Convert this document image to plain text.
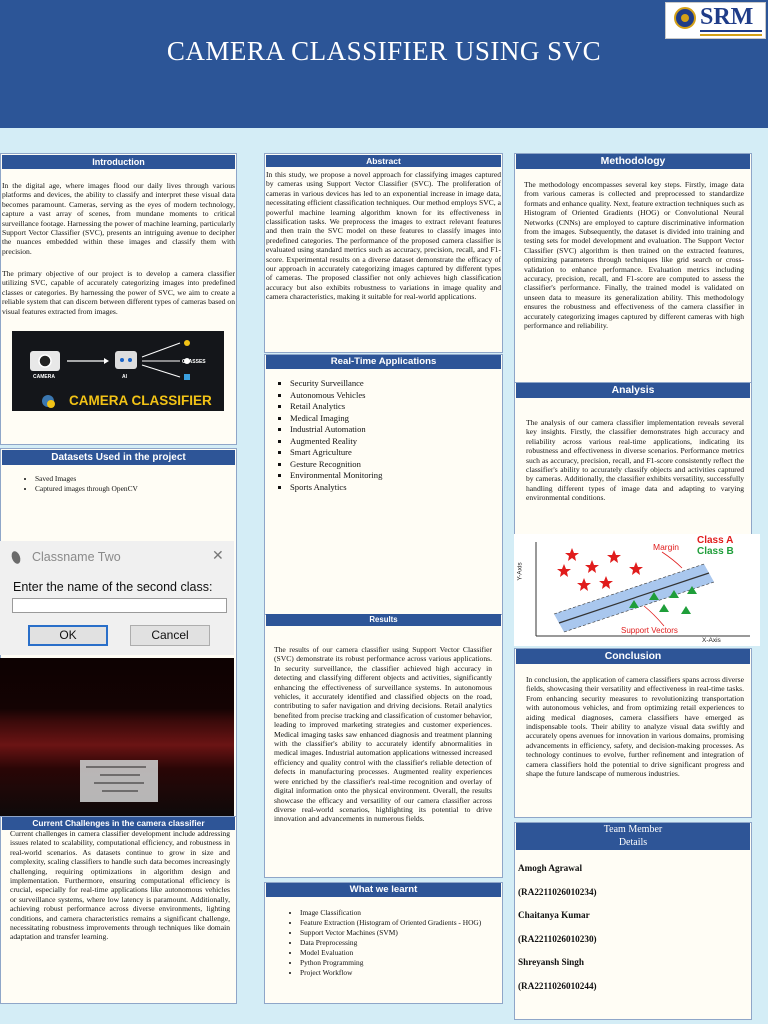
CAMERA CLASSIFIER USING SVC
SRM
Introduction

In the digital age, where images flood our daily lives through various platforms and devices, the ability to classify and interpret these visual data becomes paramount. Cameras, serving as the eyes of modern technology, capture a vast array of scenes, from mundane moments to critical surveillance footage. Harnessing the power of machine learning, particularly Support Vector Classifier (SVC), presents an intriguing avenue to decipher the nuances embedded within these images and classify them with precision.

The primary objective of our project is to develop a camera classifier utilizing SVC, capable of accurately categorizing images into predefined classes or categories. By harnessing the power of SVC, we aim to create a reliable system that can discern between different types of cameras based on visual features extracted from images.

CAMERA	AI
CLASSES
CAMERA CLASSIFIER
Datasets Used in the project
• Saved Images
• Captured images through OpenCV
Classname Two	✕
Enter the name of the second class:
OK	Cancel
Current Challenges in the camera classifier

Current challenges in camera classifier development include addressing issues related to scalability, computational efficiency, and robustness in real-world scenarios. As datasets continue to grow in size and complexity, scaling classifiers to handle such data becomes increasingly challenging, requiring optimizations in algorithm design and implementation. Furthermore, ensuring computational efficiency is crucial, especially for real-time applications like autonomous vehicles or surveillance systems, where low latency is paramount. Additionally, achieving robust performance across diverse environments, lighting conditions, and camera characteristics remains a significant challenge, necessitating robustness improvements through techniques like domain adaptation and transfer learning.

Abstract

In this study, we propose a novel approach for classifying images captured by cameras using Support Vector Classifier (SVC). The proliferation of cameras in various devices has led to an exponential increase in image data, necessitating efficient classification techniques. Our method employs SVC, a powerful machine learning algorithm known for its effectiveness in classification tasks. We preprocess the images to extract relevant features and then train the SVC model on these features to classify images into predefined categories. The performance of the proposed camera classifier is evaluated using standard metrics such as accuracy, precision, recall, and F1-score. Experimental results on a diverse dataset demonstrate the efficacy of our approach in accurately categorizing images captured by different types of cameras. The proposed classifier not only achieves high classification accuracy but also exhibits robustness to variations in image quality and camera characteristics, making it suitable for real-world applications.

Real-Time Applications
▪ Security Surveillance
▪ Autonomous Vehicles
▪ Retail Analytics
▪ Medical Imaging
▪ Industrial Automation
▪ Augmented Reality
▪ Smart Agriculture
▪ Gesture Recognition
▪ Environmental Monitoring
▪ Sports Analytics
Results

The results of our camera classifier using Support Vector Classifier (SVC) demonstrate its robust performance across various applications. In security surveillance, the classifier achieved high accuracy in detecting and classifying different objects and activities, significantly enhancing the effectiveness of surveillance systems. In autonomous vehicles, it accurately identified and classified objects on the road, contributing to safer navigation and driving decisions. Retail analytics benefited from precise tracking and classification of customer behavior, leading to improved marketing strategies and customer experiences. Medical imaging tasks saw enhanced diagnosis and treatment planning with the classifier's ability to accurately identify abnormalities in medical images. Industrial automation applications witnessed increased efficiency and quality control with the classifier's reliable detection of defects in manufacturing processes. Augmented reality experiences were enriched by the classifier's real-time recognition and overlay of digital information onto the physical environment. Overall, the results showcase the efficacy and versatility of our camera classifier across diverse real-world scenarios, highlighting its potential to drive innovation and advancements in numerous fields.

What we learnt
• Image Classification
• Feature Extraction (Histogram of Oriented Gradients - HOG)
• Support Vector Machines (SVM)
• Data Preprocessing
• Model Evaluation
• Python Programming
• Project Workflow
Methodology

The methodology encompasses several key steps. Firstly, image data from various cameras is collected and preprocessed to standardize formats and enhance quality. Next, feature extraction techniques such as Histogram of Oriented Gradients (HOG) or Convolutional Neural Networks (CNNs) are employed to capture discriminative information from the images. Subsequently, the dataset is divided into training and testing sets for model development and evaluation. The Support Vector Classifier (SVC) algorithm is then trained on the extracted features, optimizing parameters through techniques like grid search or cross-validation to enhance performance. Evaluation metrics including accuracy, precision, recall, and F1-score are computed to assess the classifier's performance. Finally, the trained model is validated on unseen data to measure its generalization ability. This methodology ensures the robustness and effectiveness of the camera classifier in accurately categorizing images captured by different cameras with high performance and reliability.

Analysis

The analysis of our camera classifier implementation reveals several key insights. Firstly, the classifier demonstrates high accuracy and reliability across various real-time applications, indicating its robustness and effectiveness in diverse scenarios. Performance metrics such as accuracy, precision, recall, and F1-score consistently reflect the classifier's ability to accurately classify objects and activities captured by cameras. Additionally, the classifier exhibits versatility, successfully handling different types of image data and adapting to varying environmental conditions.

Class A
Class B
Margin
Support Vectors
X-Axis
Y-Axis
Conclusion

In conclusion, the application of camera classifiers spans across diverse fields, showcasing their versatility and effectiveness in real-time tasks. From enhancing security measures to revolutionizing transportation with autonomous vehicles, and from optimizing retail experiences to aiding medical diagnoses, camera classifiers have emerged as indispensable tools. Their ability to analyze visual data swiftly and accurately opens avenues for innovation in various domains, promising advancements in efficiency, safety, and decision-making processes. As technology continues to evolve, further refinement and integration of camera classifiers hold the potential to drive significant progress and shape the future landscape of numerous industries.

Team Member
Details
Amogh Agrawal
(RA2211026010234)
Chaitanya Kumar
(RA2211026010230)
Shreyansh Singh
(RA2211026010244)
